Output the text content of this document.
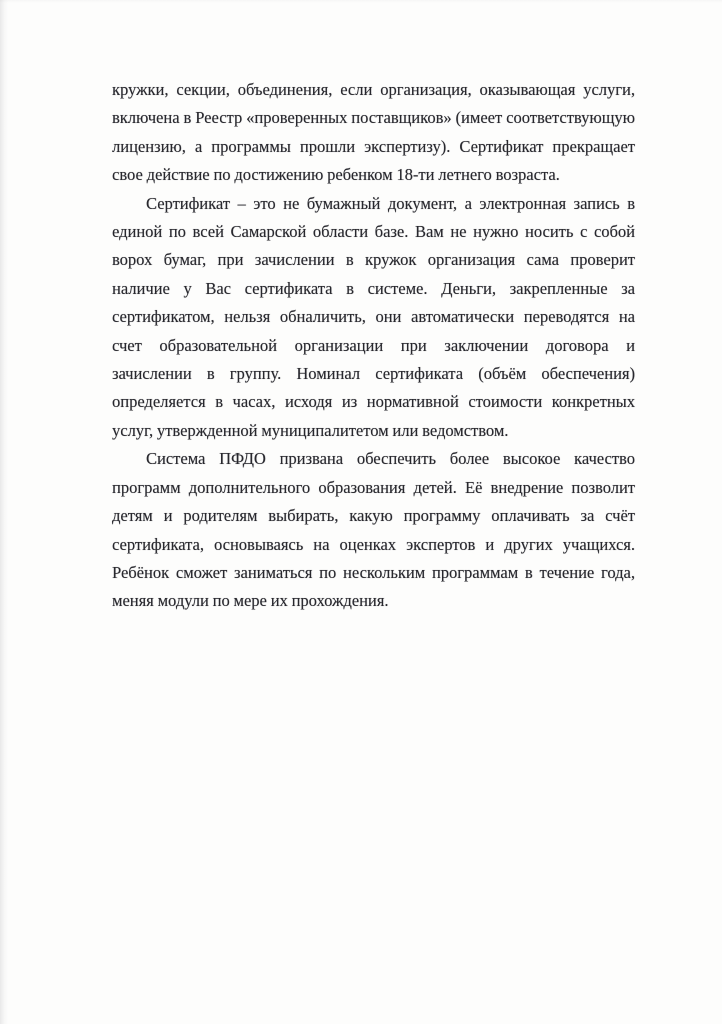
кружки, секции, объединения, если организация, оказывающая услуги,
включена в Реестр «проверенных поставщиков» (имеет соответствующую
лицензию, а программы прошли экспертизу). Сертификат прекращает
свое действие по достижению ребенком 18-ти летнего возраста.
Сертификат – это не бумажный документ, а электронная запись в
единой по всей Самарской области базе. Вам не нужно носить с собой
ворох бумаг, при зачислении в кружок организация сама проверит
наличие у Вас сертификата в системе. Деньги, закрепленные за
сертификатом, нельзя обналичить, они автоматически переводятся на
счет образовательной организации при заключении договора и
зачислении в группу. Номинал сертификата (объём обеспечения)
определяется в часах, исходя из нормативной стоимости конкретных
услуг, утвержденной муниципалитетом или ведомством.
Система ПФДО призвана обеспечить более высокое качество
программ дополнительного образования детей. Её внедрение позволит
детям и родителям выбирать, какую программу оплачивать за счёт
сертификата, основываясь на оценках экспертов и других учащихся.
Ребёнок сможет заниматься по нескольким программам в течение года,
меняя модули по мере их прохождения.
